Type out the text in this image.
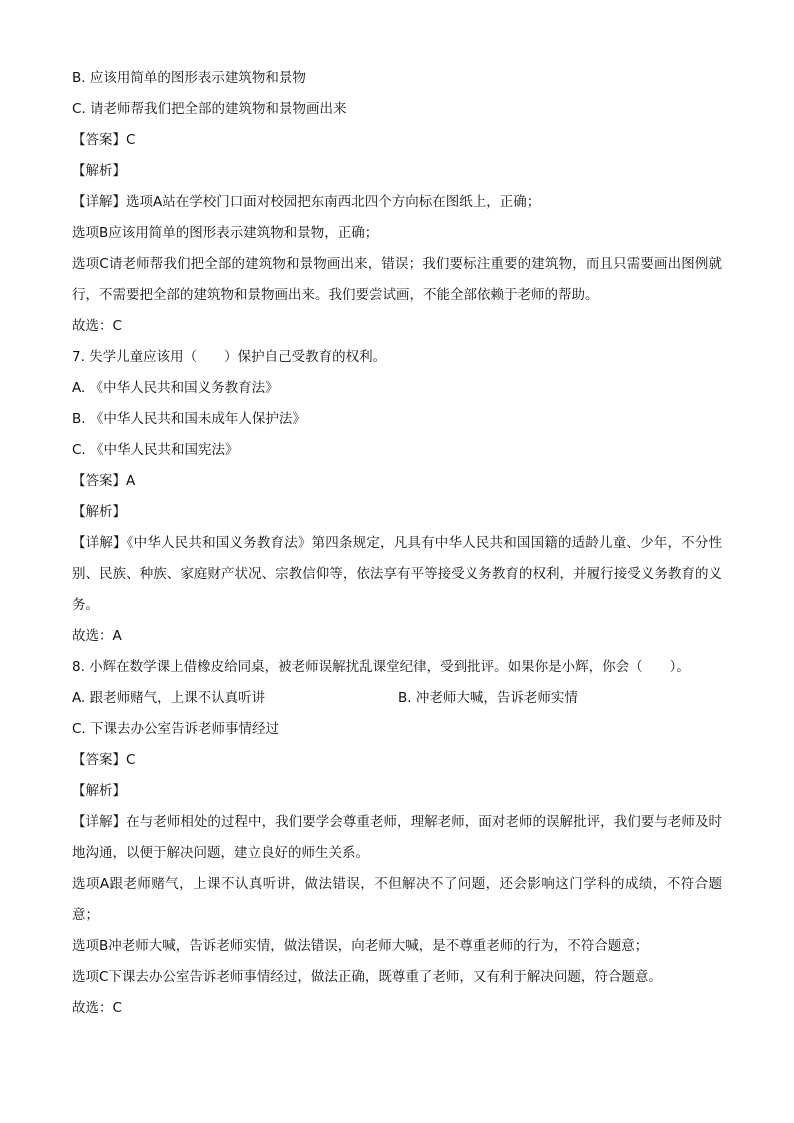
B. 应该用简单的图形表示建筑物和景物
C. 请老师帮我们把全部的建筑物和景物画出来
【答案】C
【解析】
【详解】选项A站在学校门口面对校园把东南西北四个方向标在图纸上，正确；
选项B应该用简单的图形表示建筑物和景物，正确；
选项C请老师帮我们把全部的建筑物和景物画出来，错误；我们要标注重要的建筑物，而且只需要画出图例就行，不需要把全部的建筑物和景物画出来。我们要尝试画，不能全部依赖于老师的帮助。
故选：C
7. 失学儿童应该用（　　）保护自己受教育的权利。
A. 《中华人民共和国义务教育法》
B. 《中华人民共和国未成年人保护法》
C. 《中华人民共和国宪法》
【答案】A
【解析】
【详解】《中华人民共和国义务教育法》第四条规定，凡具有中华人民共和国国籍的适龄儿童、少年，不分性别、民族、种族、家庭财产状况、宗教信仰等，依法享有平等接受义务教育的权利，并履行接受义务教育的义务。
故选：A
8. 小辉在数学课上借橡皮给同桌，被老师误解扰乱课堂纪律，受到批评。如果你是小辉，你会（　　）。
A. 跟老师赌气，上课不认真听讲	B. 冲老师大喊，告诉老师实情
C. 下课去办公室告诉老师事情经过
【答案】C
【解析】
【详解】在与老师相处的过程中，我们要学会尊重老师，理解老师，面对老师的误解批评，我们要与老师及时地沟通，以便于解决问题，建立良好的师生关系。
选项A跟老师赌气，上课不认真听讲，做法错误，不但解决不了问题，还会影响这门学科的成绩，不符合题意；
选项B冲老师大喊，告诉老师实情，做法错误，向老师大喊，是不尊重老师的行为，不符合题意；
选项C下课去办公室告诉老师事情经过，做法正确，既尊重了老师，又有利于解决问题，符合题意。
故选：C
